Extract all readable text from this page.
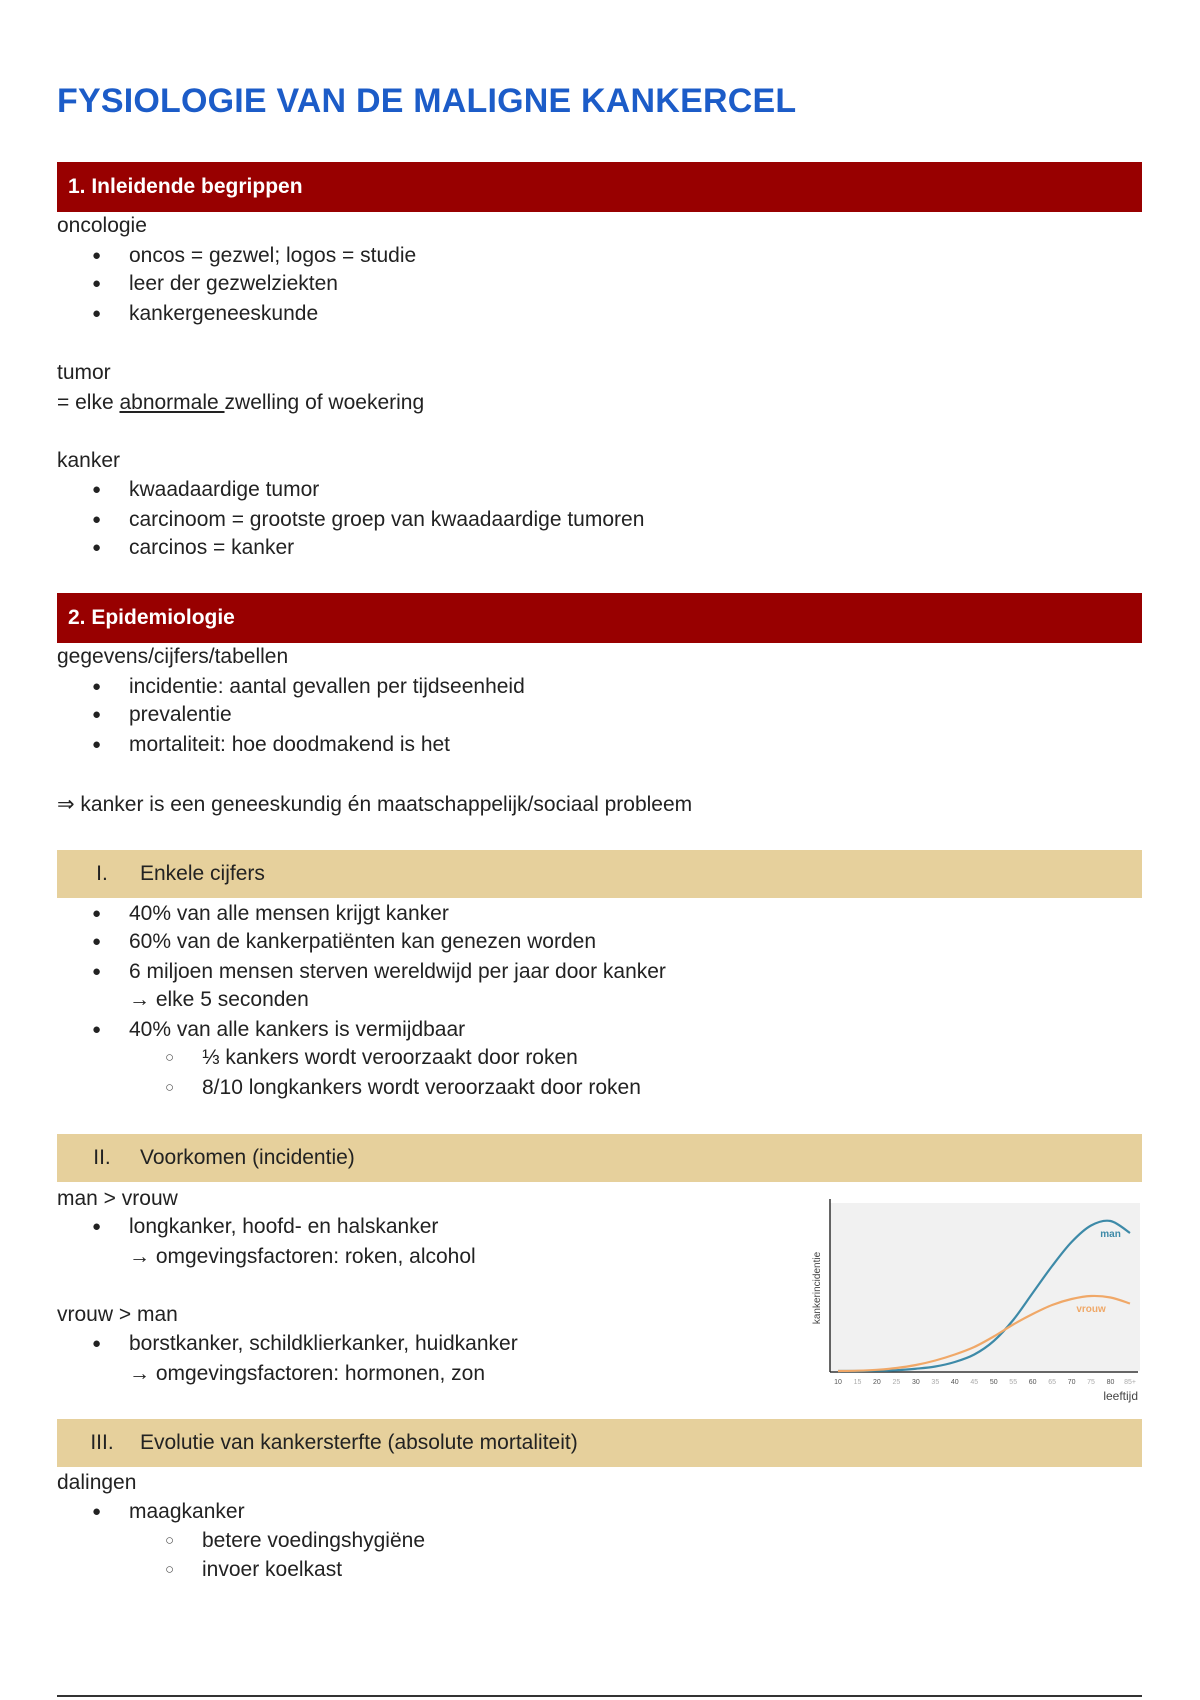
FYSIOLOGIE VAN DE MALIGNE KANKERCEL
1. Inleidende begrippen
oncologie
oncos = gezwel; logos = studie
leer der gezwelziekten
kankergeneeskunde
tumor
= elke abnormale zwelling of woekering
kanker
kwaadaardige tumor
carcinoom = grootste groep van kwaadaardige tumoren
carcinos = kanker
2. Epidemiologie
gegevens/cijfers/tabellen
incidentie: aantal gevallen per tijdseenheid
prevalentie
mortaliteit: hoe doodmakend is het
⇒ kanker is een geneeskundig én maatschappelijk/sociaal probleem
I.	Enkele cijfers
40% van alle mensen krijgt kanker
60% van de kankerpatiënten kan genezen worden
6 miljoen mensen sterven wereldwijd per jaar door kanker
→ elke 5 seconden
40% van alle kankers is vermijdbaar
⅓ kankers wordt veroorzaakt door roken
8/10 longkankers wordt veroorzaakt door roken
II.	Voorkomen (incidentie)
man > vrouw
longkanker, hoofd- en halskanker
→ omgevingsfactoren: roken, alcohol
vrouw > man
borstkanker, schildklierkanker, huidkanker
→ omgevingsfactoren: hormonen, zon
kankerincidentie
leeftijd
10 15 20 25 30 35 40 45 50 55 60 65 70 75 80 85+
man
vrouw
III.	Evolutie van kankersterfte (absolute mortaliteit)
dalingen
maagkanker
betere voedingshygiëne
invoer koelkast
